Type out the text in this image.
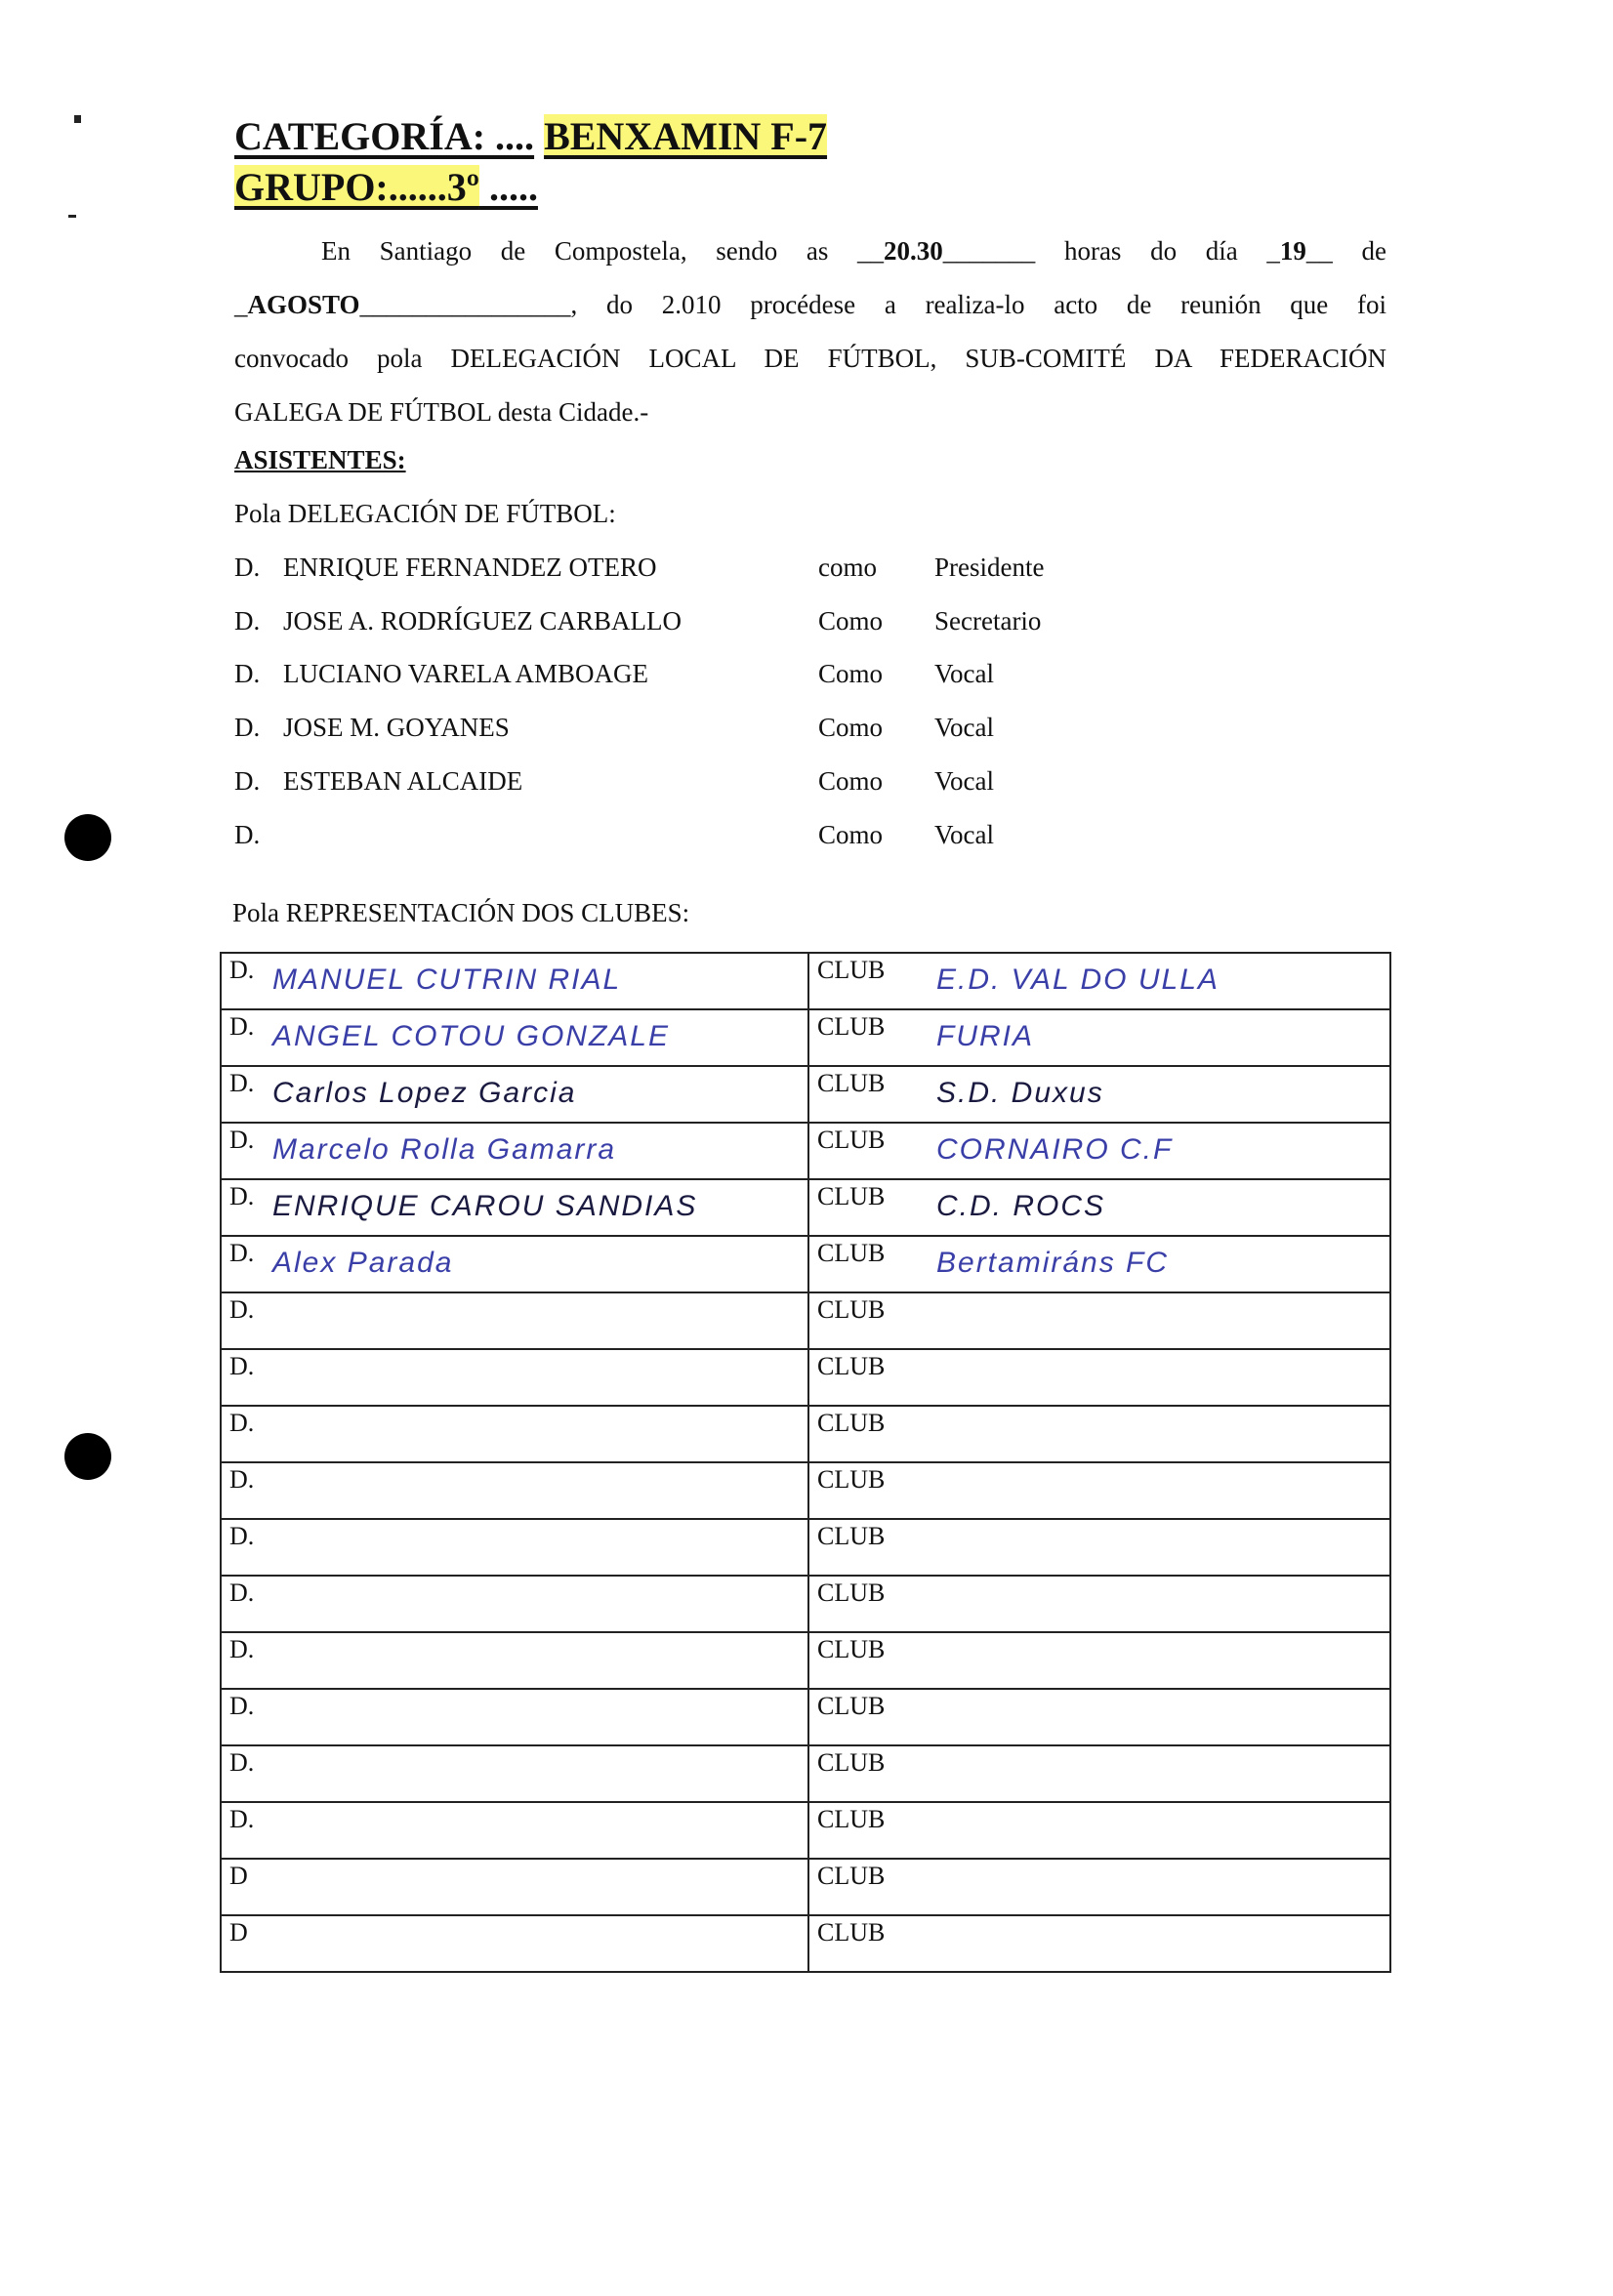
CATEGORÍA: .... BENXAMIN F-7
GRUPO:......3º .....
En Santiago de Compostela, sendo as __20.30_______ horas do día _19__ de
_AGOSTO________________, do 2.010 procédese a realiza-lo acto de reunión que foi
convocado pola DELEGACIÓN LOCAL DE FÚTBOL, SUB-COMITÉ DA FEDERACIÓN
GALEGA DE FÚTBOL desta Cidade.-
ASISTENTES:
Pola DELEGACIÓN DE FÚTBOL:
D. ENRIQUE FERNANDEZ OTERO	como Presidente
D. JOSE A. RODRÍGUEZ CARBALLO	Como Secretario
D. LUCIANO VARELA AMBOAGE	Como Vocal
D. JOSE M. GOYANES	Como Vocal
D. ESTEBAN ALCAIDE	Como Vocal
D.	Como Vocal
Pola REPRESENTACIÓN DOS CLUBES:
D. MANUEL CUTRIN RIAL	CLUB E.D. VAL DO ULLA

D. ANGEL COTOU GONZALE	CLUB FURIA

D. Carlos Lopez Garcia	CLUB S.D. Duxus

D. Marcelo Rolla Gamarra	CLUB CORNAIRO C.F

D. ENRIQUE CAROU SANDIAS	CLUB C.D. ROCS

D. Alex Parada	CLUB Bertamiráns FC

D.	CLUB

D.	CLUB

D.	CLUB

D.	CLUB

D.	CLUB

D.	CLUB

D.	CLUB

D.	CLUB

D.	CLUB

D.	CLUB

D	CLUB

D	CLUB
